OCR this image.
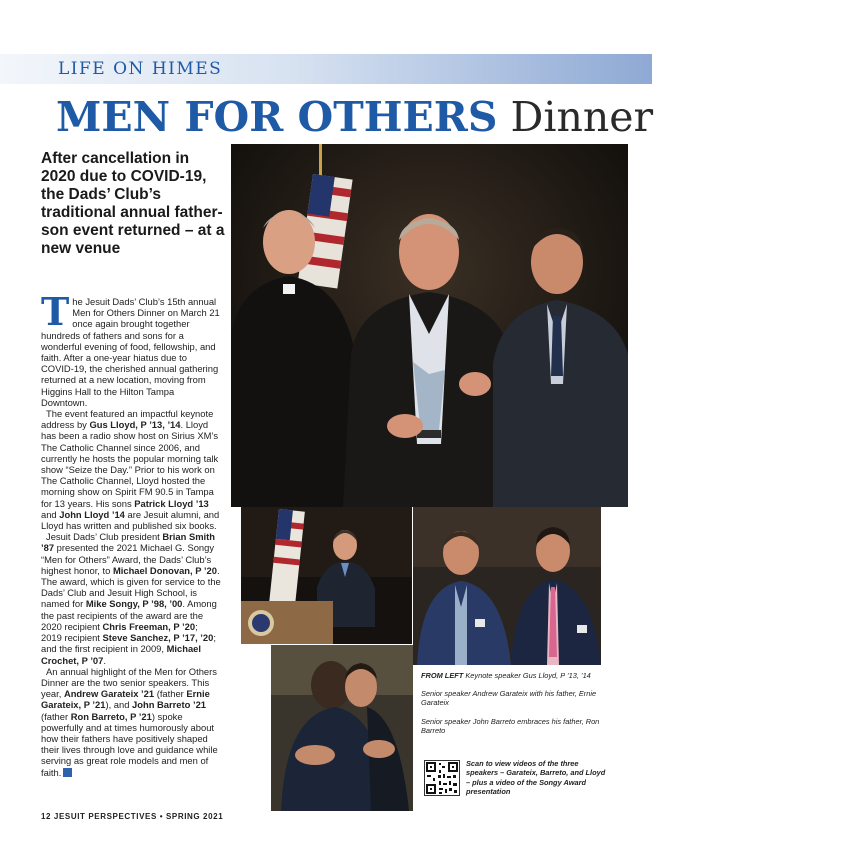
LIFE ON HIMES
MEN FOR OTHERS Dinner
After cancellation in 2020 due to COVID-19, the Dads’ Club’s traditional annual father-son event returned – at a new venue

The Jesuit Dads’ Club’s 15th annual Men for Others Dinner on March 21 once again brought together hundreds of fathers and sons for a wonderful evening of food, fellowship, and faith. After a one-year hiatus due to COVID-19, the cherished annual gathering returned at a new location, moving from Higgins Hall to the Hilton Tampa Downtown.

The event featured an impactful keynote address by Gus Lloyd, P ’13, ’14. Lloyd has been a radio show host on Sirius XM’s The Catholic Channel since 2006, and currently he hosts the popular morning talk show “Seize the Day.” Prior to his work on The Catholic Channel, Lloyd hosted the morning show on Spirit FM 90.5 in Tampa for 13 years. His sons Patrick Lloyd ’13 and John Lloyd ’14 are Jesuit alumni, and Lloyd has written and published six books.

Jesuit Dads’ Club president Brian Smith ’87 presented the 2021 Michael G. Songy “Men for Others” Award, the Dads’ Club’s highest honor, to Michael Donovan, P ’20. The award, which is given for service to the Dads’ Club and Jesuit High School, is named for Mike Songy, P ’98, ’00. Among the past recipients of the award are the 2020 recipient Chris Freeman, P ’20; 2019 recipient Steve Sanchez, P ’17, ’20; and the first recipient in 2009, Michael Crochet, P ’07.

An annual highlight of the Men for Others Dinner are the two senior speakers. This year, Andrew Garateix ’21 (father Ernie Garateix, P ’21), and John Barreto ’21 (father Ron Barreto, P ’21) spoke powerfully and at times humorously about how their fathers have positively shaped their lives through love and guidance while serving as great role models and men of faith.

Michael Donovan, P ’20 receives the Songy Award from Fr. Richard C. Hermes, S.J. and Brian Smith ’87
FROM LEFT Keynote speaker Gus Lloyd, P ’13, ’14
Senior speaker Andrew Garateix with his father, Ernie Garateix
Senior speaker John Barreto embraces his father, Ron Barreto
Scan to view videos of the three speakers – Garateix, Barreto, and Lloyd – plus a video of the Songy Award presentation
12 JESUIT PERSPECTIVES • SPRING 2021
